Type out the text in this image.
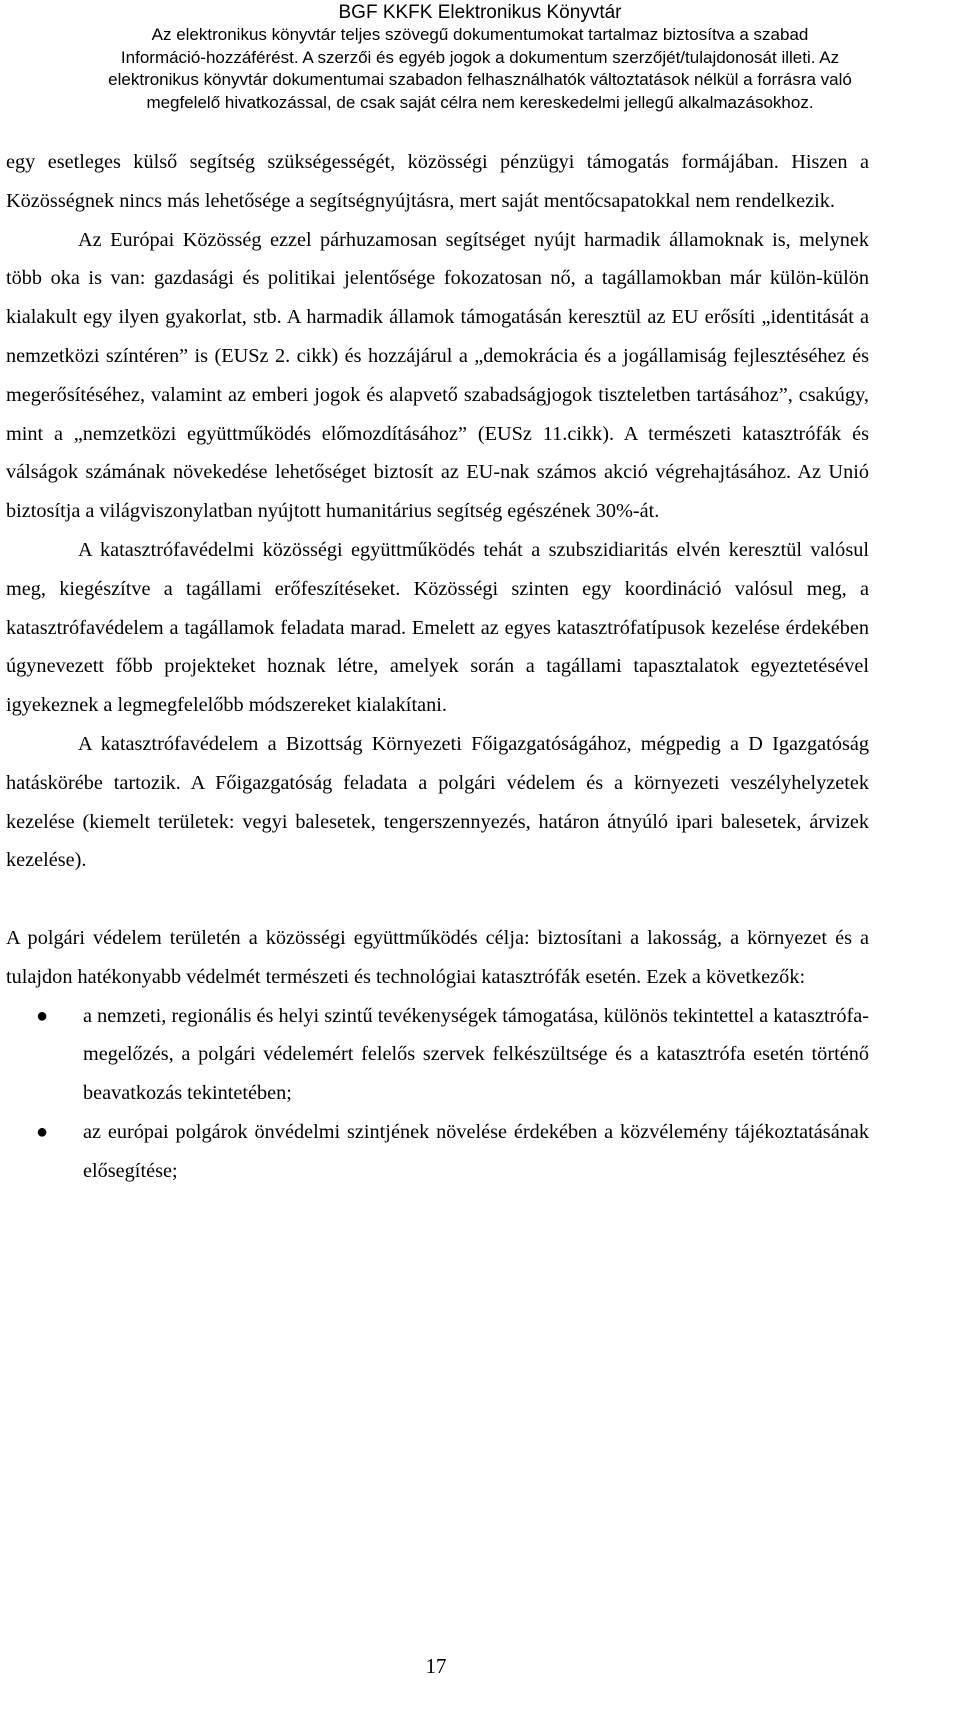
BGF KKFK Elektronikus Könyvtár
Az elektronikus könyvtár teljes szövegű dokumentumokat tartalmaz biztosítva a szabad
Információ-hozzáférést. A szerzői és egyéb jogok a dokumentum szerzőjét/tulajdonosát illeti. Az
elektronikus könyvtár dokumentumai szabadon felhasználhatók változtatások nélkül a forrásra való
megfelelő hivatkozással, de csak saját célra nem kereskedelmi jellegű alkalmazásokhoz.

egy esetleges külső segítség szükségességét, közösségi pénzügyi támogatás formájában. Hiszen a Közösségnek nincs más lehetősége a segítségnyújtásra, mert saját mentőcsapatokkal nem rendelkezik.

Az Európai Közösség ezzel párhuzamosan segítséget nyújt harmadik államoknak is, melynek több oka is van: gazdasági és politikai jelentősége fokozatosan nő, a tagállamokban már külön-külön kialakult egy ilyen gyakorlat, stb. A harmadik államok támogatásán keresztül az EU erősíti „identitását a nemzetközi színtéren” is (EUSz 2. cikk) és hozzájárul a „demokrácia és a jogállamiság fejlesztéséhez és megerősítéséhez, valamint az emberi jogok és alapvető szabadságjogok tiszteletben tartásához”, csakúgy, mint a „nemzetközi együttműködés előmozdításához” (EUSz 11.cikk). A természeti katasztrófák és válságok számának növekedése lehetőséget biztosít az EU-nak számos akció végrehajtásához. Az Unió biztosítja a világviszonylatban nyújtott humanitárius segítség egészének 30%-át.

A katasztrófavédelmi közösségi együttműködés tehát a szubszidiaritás elvén keresztül valósul meg, kiegészítve a tagállami erőfeszítéseket. Közösségi szinten egy koordináció valósul meg, a katasztrófavédelem a tagállamok feladata marad. Emelett az egyes katasztrófatípusok kezelése érdekében úgynevezett főbb projekteket hoznak létre, amelyek során a tagállami tapasztalatok egyeztetésével igyekeznek a legmegfelelőbb módszereket kialakítani.

A katasztrófavédelem a Bizottság Környezeti Főigazgatóságához, mégpedig a D Igazgatóság hatáskörébe tartozik. A Főigazgatóság feladata a polgári védelem és a környezeti veszélyhelyzetek kezelése (kiemelt területek: vegyi balesetek, tengerszennyezés, határon átnyúló ipari balesetek, árvizek kezelése).

A polgári védelem területén a közösségi együttműködés célja: biztosítani a lakosság, a környezet és a tulajdon hatékonyabb védelmét természeti és technológiai katasztrófák esetén. Ezek a következők:

● a nemzeti, regionális és helyi szintű tevékenységek támogatása, különös tekintettel a katasztrófa-megelőzés, a polgári védelemért felelős szervek felkészültsége és a katasztrófa esetén történő beavatkozás tekintetében;
● az európai polgárok önvédelmi szintjének növelése érdekében a közvélemény tájékoztatásának elősegítése;
17
